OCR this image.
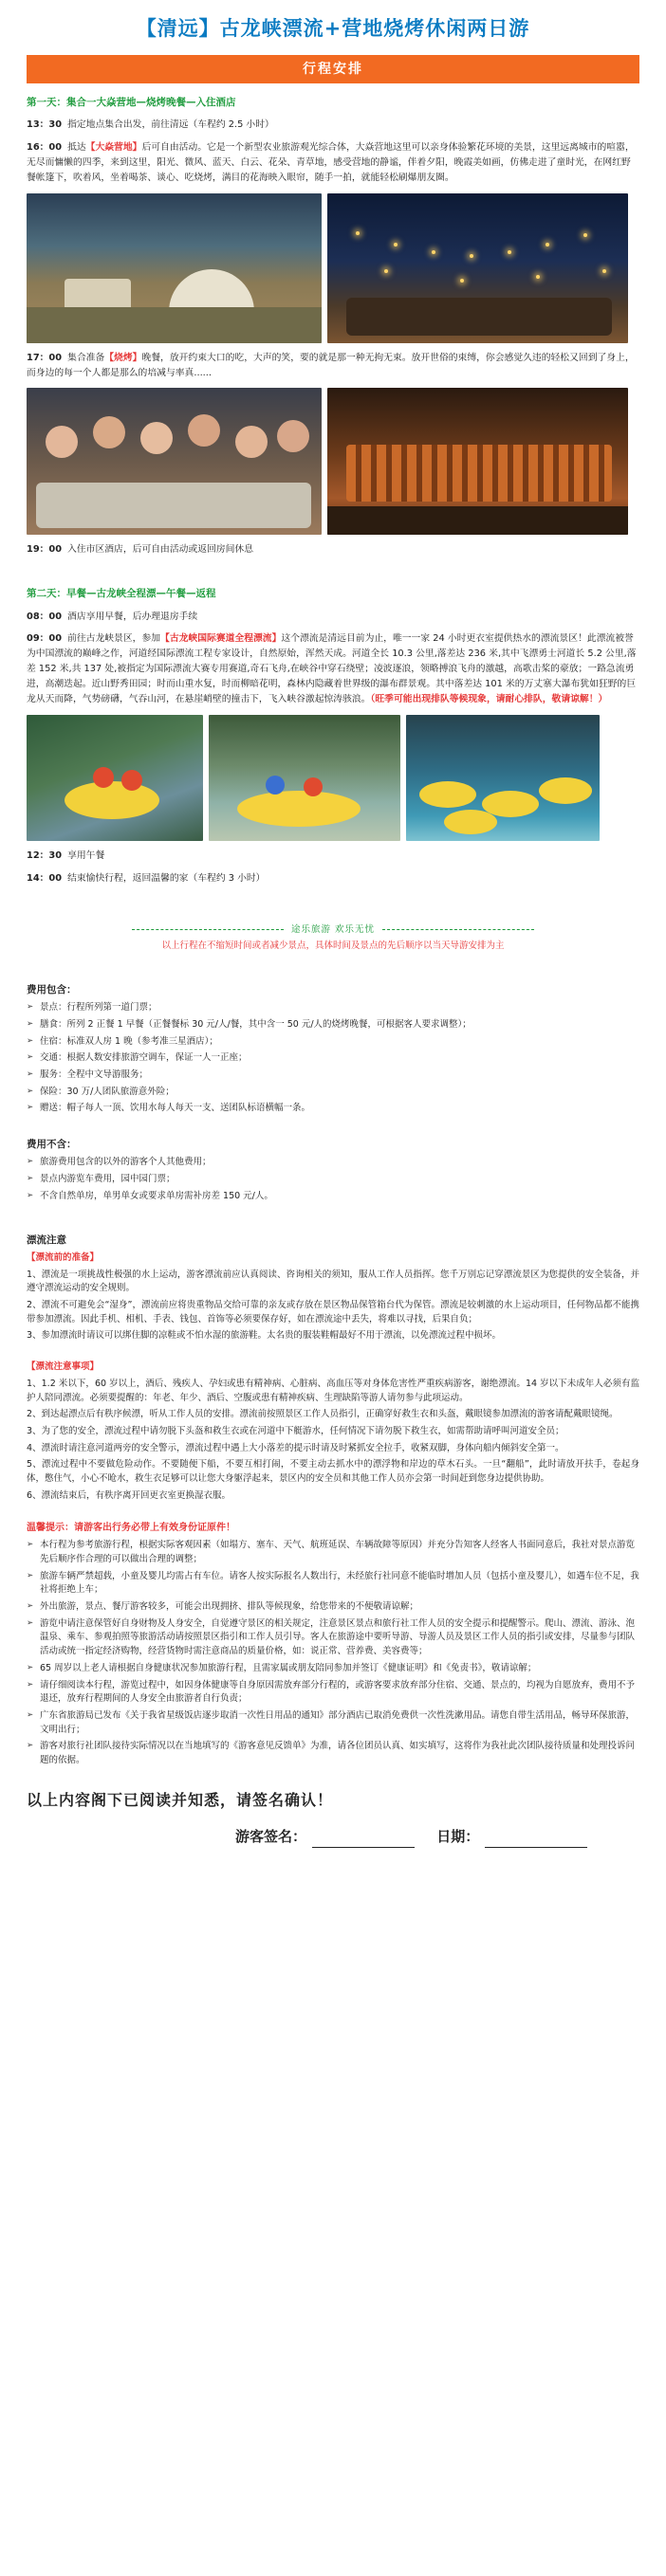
【清远】古龙峡漂流+营地烧烤休闲两日游
行程安排
第一天：集合一大焱营地—烧烤晚餐—入住酒店
13：30 指定地点集合出发，前往清远（车程约 2.5 小时）
16：00 抵达【大焱营地】后可自由活动。它是一个新型农业旅游观光综合体，大焱营地这里可以亲身体验繁花环境的美景，这里远离城市的喧嚣，无尽而慵懒的四季，来到这里，阳光、微风、蓝天、白云、花朵、青草地，感受营地的静谧，伴着夕阳，晚霞美如画，仿佛走进了童时光，在网红野餐帐篷下，吹着风，坐着喝茶、谈心、吃烧烤，满目的花海映入眼帘，随手一拍，就能轻松刷爆朋友圈。
17：00 集合准备【烧烤】晚餐，放开约束大口的吃，大声的笑，要的就是那一种无拘无束。放开世俗的束缚，你会感觉久违的轻松又回到了身上，而身边的每一个人都是那么的培减与率真......
19：00 入住市区酒店，后可自由活动或返回房间休息
第二天：早餐—古龙峡全程漂—午餐—返程
08：00 酒店享用早餐，后办理退房手续
09：00 前往古龙峡景区，参加【古龙峡国际赛道全程漂流】这个漂流是清远目前为止，唯一一家 24 小时更衣室提供热水的漂流景区！此漂流被誉为中国漂流的巅峰之作，河道经国际漂流工程专家设计，自然原始，浑然天成。河道全长 10.3 公里,落差达 236 米,其中飞漂勇士河道长 5.2 公里,落差 152 米,共 137 处,被指定为国际漂流大赛专用赛道,奇石飞舟,在峡谷中穿石绕壁；凌波逐浪，领略搏浪飞舟的激越，高歌击桨的豪放；一路急流勇进，高潮迭起。近山野秀田园；时而山重水复，时而柳暗花明，森林内隐藏着世界级的瀑布群景观。其中落差达 101 米的万丈寨大瀑布犹如狂野的巨龙从天而降，气势磅礴，气吞山河，在悬崖峭壁的撞击下，飞入峡谷激起惊涛骇浪。（旺季可能出现排队等候现象，请耐心排队，敬请谅解！）
12：30 享用午餐
14：00 结束愉快行程，返回温馨的家（车程约 3 小时）
途乐旅游 欢乐无忧
以上行程在不缩短时间或者减少景点，具体时间及景点的先后顺序以当天导游安排为主
费用包含：
➢ 景点：行程所列第一道门票；
➢ 膳食：所列 2 正餐 1 早餐（正餐餐标 30 元/人/餐，其中含一 50 元/人的烧烤晚餐，可根据客人要求调整）；
➢ 住宿：标准双人房 1 晚（参考准三星酒店）；
➢ 交通：根据人数安排旅游空调车，保证一人一正座；
➢ 服务：全程中文导游服务；
➢ 保险：30 万/人团队旅游意外险；
➢ 赠送：帽子每人一顶、饮用水每人每天一支、送团队标语横幅一条。
费用不含：
➢ 旅游费用包含的以外的游客个人其他费用；
➢ 景点内游览车费用，园中园门票；
➢ 不含自然单房，单男单女或要求单房需补房差 150 元/人。
漂流注意
【漂流前的准备】
1、漂流是一项挑战性极强的水上运动，游客漂流前应认真阅读、咨询相关的须知，服从工作人员指挥。您千万别忘记穿漂流景区为您提供的安全装备，并遵守漂流运动的安全规则。
2、漂流不可避免会“湿身”，漂流前应将贵重物品交给可靠的亲友或存放在景区物品保管箱台代为保管。漂流是较刺激的水上运动项目，任何物品都不能携带参加漂流。因此手机、相机、手表、钱包、首饰等必须要保存好，如在漂流途中丢失，将难以寻找，后果自负；
3、参加漂流时请议可以绑住脚的凉鞋或不怕水湿的旅游鞋。太名贵的服装鞋帽最好不用于漂流，以免漂流过程中损坏。
【漂流注意事项】
1、1.2 米以下，60 岁以上，酒后、残疾人、孕妇或患有精神病、心脏病、高血压等对身体危害性严重疾病游客，谢绝漂流。14 岁以下未成年人必须有监护人陪同漂流。必须要提醒的：年老、年少、酒后、空腹或患有精神疾病、生理缺陷等游人请勿参与此项运动。
2、到达起漂点后有秩序候漂，听从工作人员的安排。漂流前按照景区工作人员指引，正确穿好救生衣和头盔，戴眼镜参加漂流的游客请配戴眼镜绳。
3、为了您的安全，漂流过程中请勿脱下头盔和救生衣或在河道中下艇游水，任何情况下请勿脱下救生衣，如需帮助请呼叫河道安全员；
4、漂流时请注意河道两旁的安全警示，漂流过程中遇上大小落差的提示时请及时紧抓安全拉手，收紧双脚，身体向船内倾斜安全第一。
5、漂流过程中不要做危险动作。不要随便下船，不要互相打闹，不要主动去抓水中的漂浮物和岸边的草木石头。一旦“翻船”，此时请放开扶手，卷起身体，憋住气，小心不呛水，救生衣足够可以让您大身躯浮起来，景区内的安全员和其他工作人员亦会第一时间赶到您身边提供协助。
6、漂流结束后，有秩序离开回更衣室更换湿衣服。
温馨提示：请游客出行务必带上有效身份证原件！
➢ 本行程为参考旅游行程，根据实际客观因素（如塌方、塞车、天气、航班延误、车辆故障等原因）并充分告知客人经客人书面同意后，我社对景点游览先后顺序作合理的可以做出合理的调整；
➢ 旅游车辆严禁超载，小童及婴儿均需占有车位。请客人按实际报名人数出行，未经旅行社同意不能临时增加人员（包括小童及婴儿），如遇车位不足，我社将拒绝上车；
➢ 外出旅游，景点、餐厅游客较多，可能会出现拥挤、排队等候现象，给您带来的不便敬请谅解；
➢ 游览中请注意保管好自身财物及人身安全，自觉遵守景区的相关规定，注意景区景点和旅行社工作人员的安全提示和提醒警示。爬山、漂流、游泳、泡温泉、乘车、参观拍照等旅游活动请按照景区指引和工作人员引导。客人在旅游途中要听导游、导游人员及景区工作人员的指引或安排，尽量参与团队活动或统一指定经济购物，经营货物时需注意商品的质量价格，如：说正常、营养费、美容费等；
➢ 65 周岁以上老人请根据自身健康状况参加旅游行程，且需家属或朋友陪同参加并签订《健康证明》和《免责书》，敬请谅解；
➢ 请仔细阅读本行程，游览过程中，如因身体健康等自身原因需放弃部分行程的，或游客要求放弃部分住宿、交通、景点的，均视为自愿放弃，费用不予退还，放弃行程期间的人身安全由旅游者自行负责；
➢ 广东省旅游局已发布《关于我省星级饭店逐步取消一次性日用品的通知》部分酒店已取消免费供一次性洗漱用品。请您自带生活用品，畅导环保旅游，文明出行；
➢ 游客对旅行社团队接待实际情况以在当地填写的《游客意见反馈单》为准，请各位团员认真、如实填写，这将作为我社此次团队接待质量和处理投诉问题的依据。
以上内容阁下已阅读并知悉，请签名确认！
游客签名：	日期：
